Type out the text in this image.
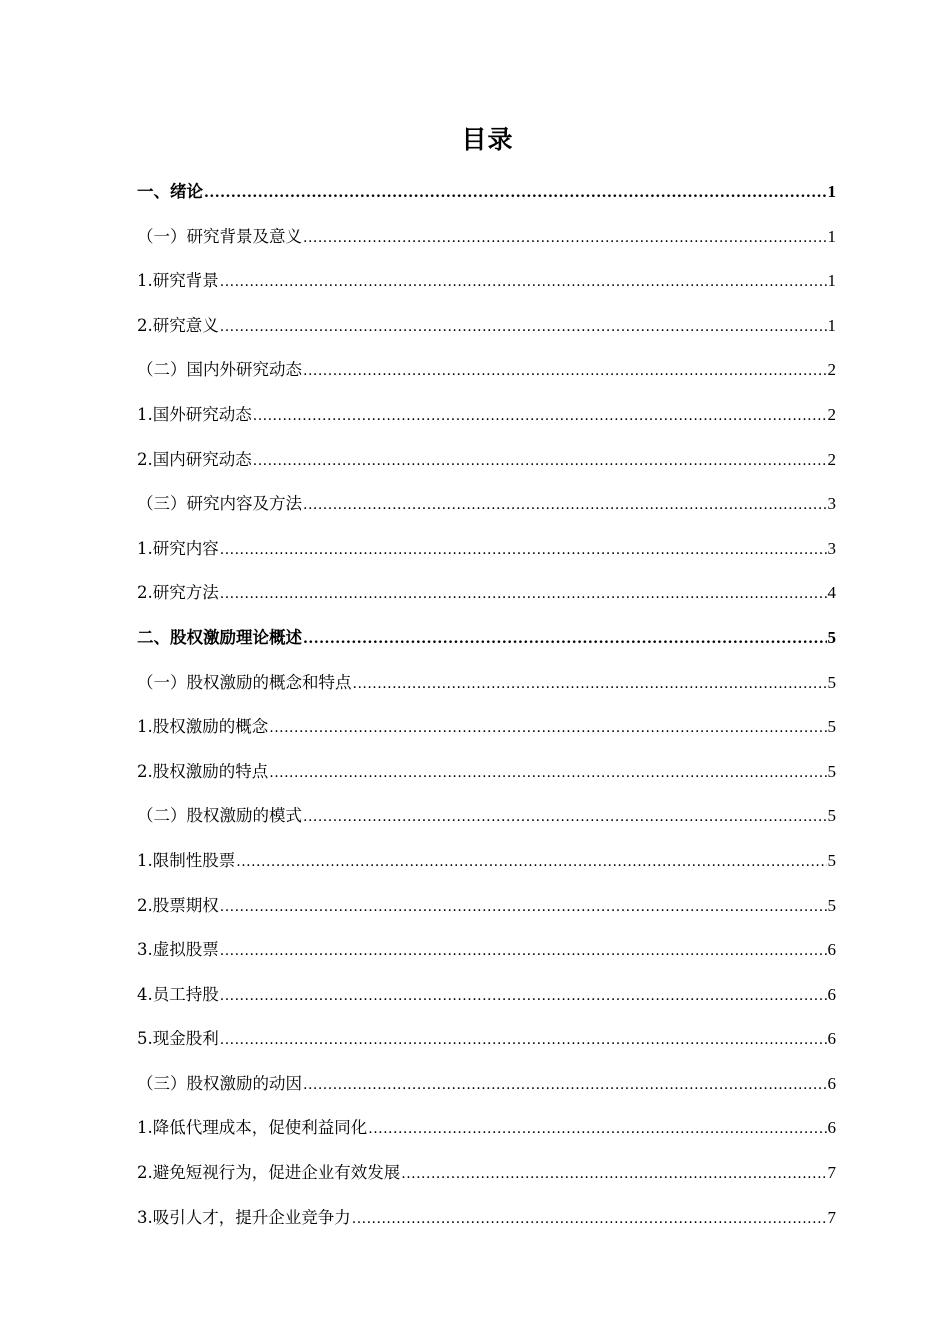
目录
一、绪论 .....	1
（一）研究背景及意义 .....	1
1.研究背景 .....	1
2.研究意义 .....	1
（二）国内外研究动态 .....	2
1.国外研究动态 .....	2
2.国内研究动态 .....	2
（三）研究内容及方法 .....	3
1.研究内容 .....	3
2.研究方法 .....	4
二、股权激励理论概述 .....	5
（一）股权激励的概念和特点 .....	5
1.股权激励的概念 .....	5
2.股权激励的特点 .....	5
（二）股权激励的模式 .....	5
1.限制性股票 .....	5
2.股票期权 .....	5
3.虚拟股票 .....	6
4.员工持股 .....	6
5.现金股利 .....	6
（三）股权激励的动因 .....	6
1.降低代理成本，促使利益同化 .....	6
2.避免短视行为，促进企业有效发展 .....	7
3.吸引人才，提升企业竞争力 .....	7
